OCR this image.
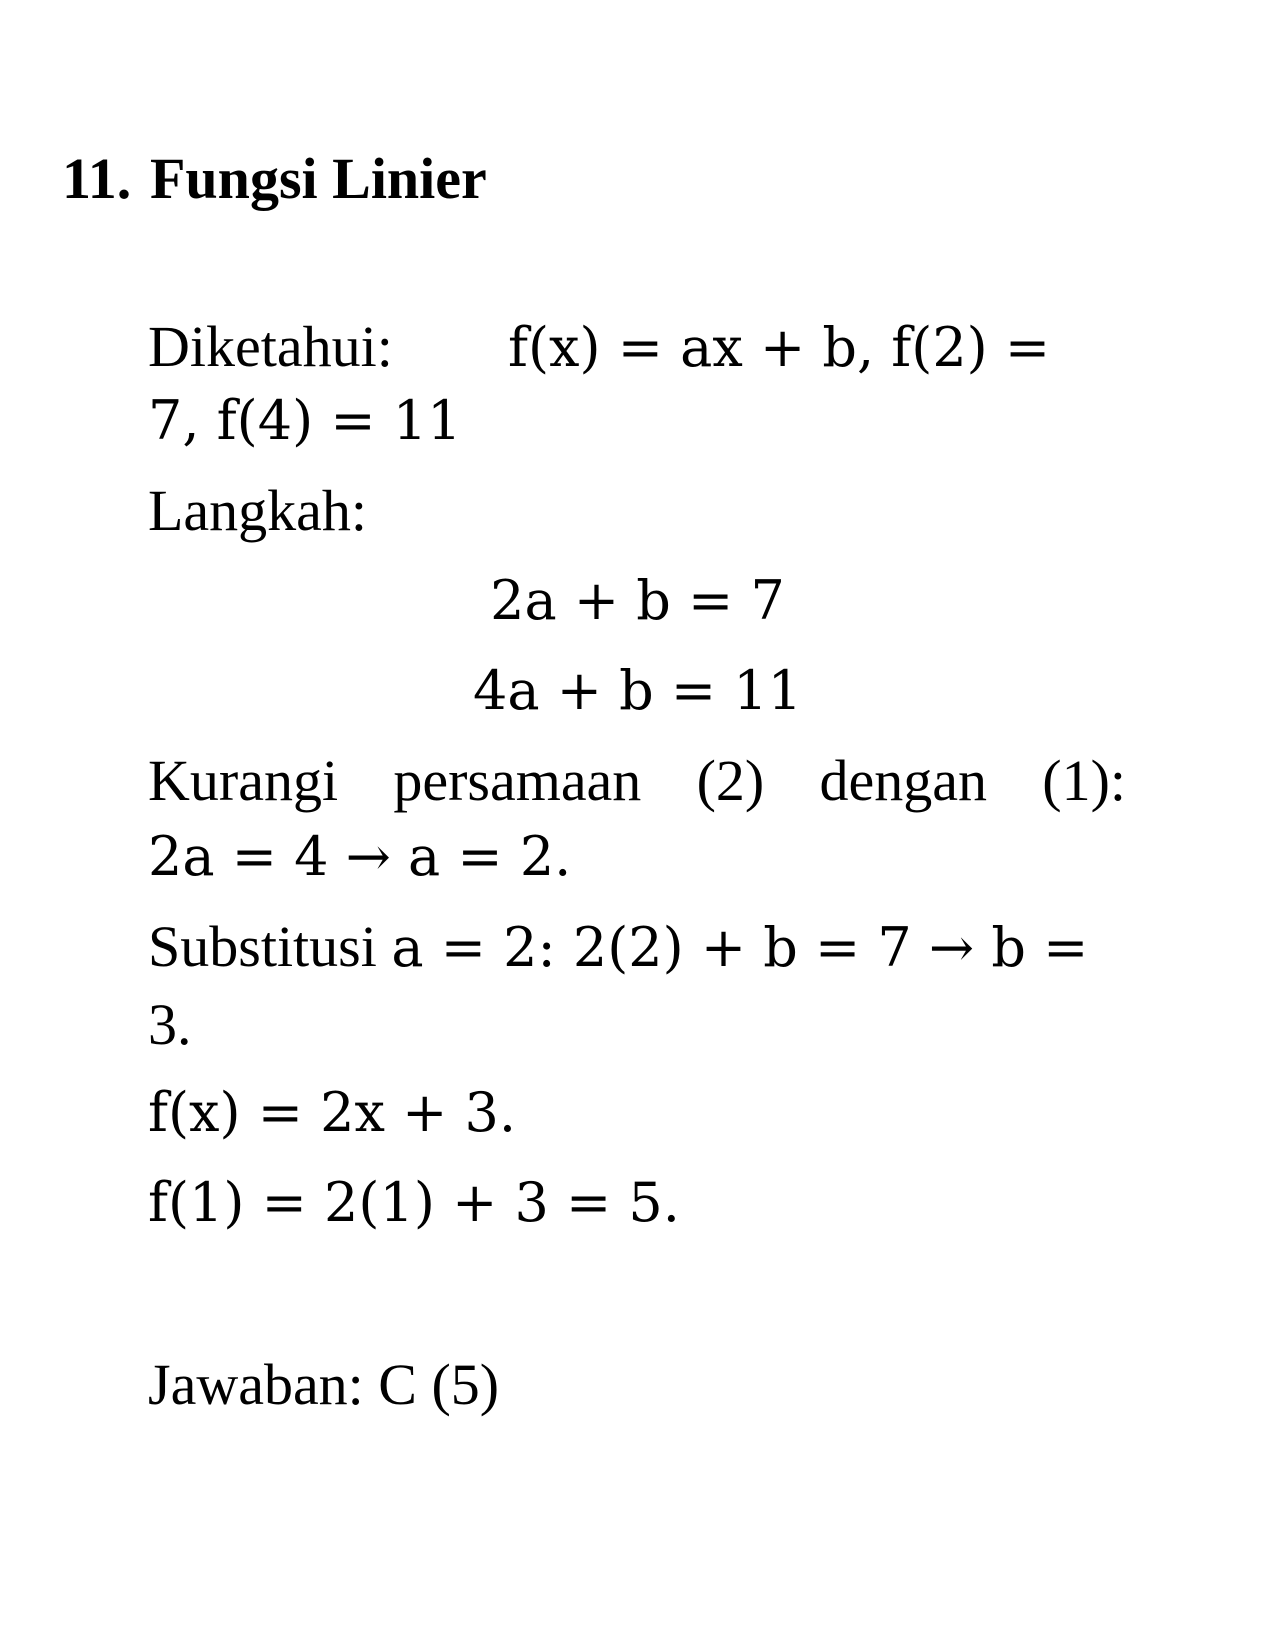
11. Fungsi Linier
Diketahui: f(x) = ax + b, f(2) =
7, f(4) = 11
Langkah:
2a + b = 7
4a + b = 11
Kurangi persamaan (2) dengan (1):
2a = 4 → a = 2.
Substitusi a = 2: 2(2) + b = 7 → b =
3.
f(x) = 2x + 3.
f(1) = 2(1) + 3 = 5.
Jawaban: C (5)
